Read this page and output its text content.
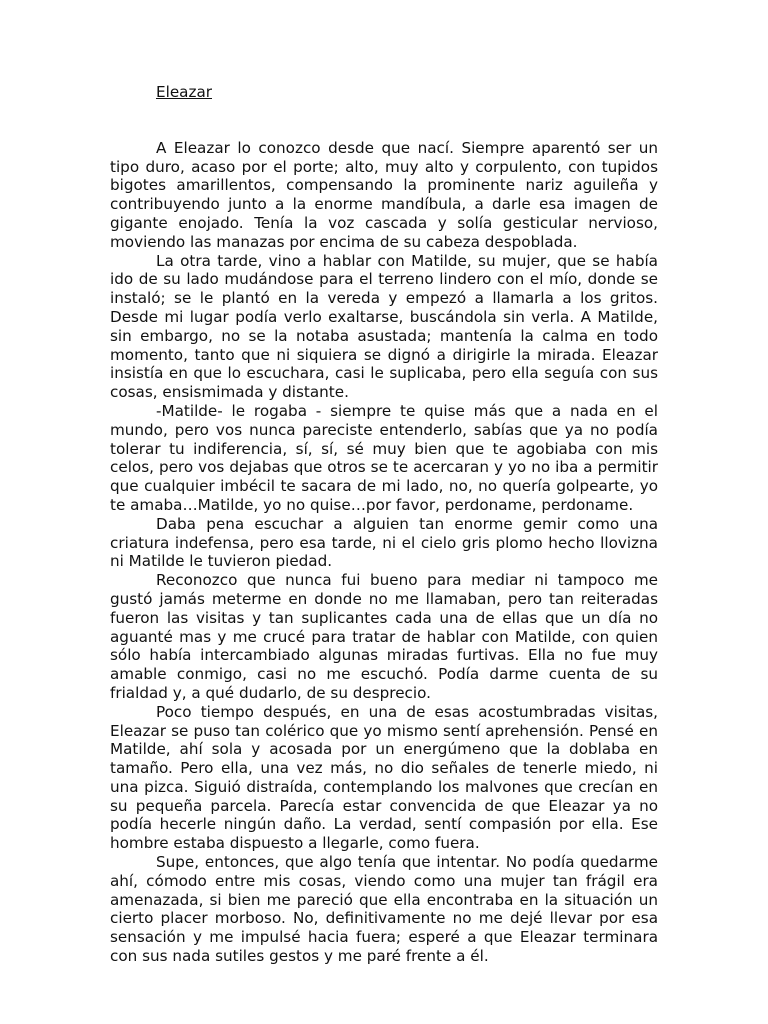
Eleazar

A Eleazar lo conozco desde que nací. Siempre aparentó ser un tipo duro, acaso por el porte; alto, muy alto y corpulento, con tupidos bigotes amarillentos, compensando la prominente nariz aguileña y contribuyendo junto a la enorme mandíbula, a darle esa imagen de gigante enojado. Tenía la voz cascada y solía gesticular nervioso, moviendo las manazas por encima de su cabeza despoblada.

La otra tarde, vino a hablar con Matilde, su mujer, que se había ido de su lado mudándose para el terreno lindero con el mío, donde se instaló; se le plantó en la vereda y empezó a llamarla a los gritos. Desde mi lugar podía verlo exaltarse, buscándola sin verla. A Matilde, sin embargo, no se la notaba asustada; mantenía la calma en todo momento, tanto que ni siquiera se dignó a dirigirle la mirada. Eleazar insistía en que lo escuchara, casi le suplicaba, pero ella seguía con sus cosas, ensismimada y distante.

-Matilde- le rogaba - siempre te quise más que a nada en el mundo, pero vos nunca pareciste entenderlo, sabías que ya no podía tolerar tu indiferencia, sí, sí, sé muy bien que te agobiaba con mis celos, pero vos dejabas que otros se te acercaran y yo no iba a permitir que cualquier imbécil te sacara de mi lado, no, no quería golpearte, yo te amaba…Matilde, yo no quise…por favor, perdoname, perdoname.

Daba pena escuchar a alguien tan enorme gemir como una criatura indefensa, pero esa tarde, ni el cielo gris plomo hecho llovizna ni Matilde le tuvieron piedad.

Reconozco que nunca fui bueno para mediar ni tampoco me gustó jamás meterme en donde no me llamaban, pero tan reiteradas fueron las visitas y tan suplicantes cada una de ellas que un día no aguanté mas y me crucé para tratar de hablar con Matilde, con quien sólo había intercambiado algunas miradas furtivas. Ella no fue muy amable conmigo, casi no me escuchó. Podía darme cuenta de su frialdad y, a qué dudarlo, de su desprecio.

Poco tiempo después, en una de esas acostumbradas visitas, Eleazar se puso tan colérico que yo mismo sentí aprehensión. Pensé en Matilde, ahí sola y acosada por un energúmeno que la doblaba en tamaño. Pero ella, una vez más, no dio señales de tenerle miedo, ni una pizca. Siguió distraída, contemplando los malvones que crecían en su pequeña parcela. Parecía estar convencida de que Eleazar ya no podía hecerle ningún daño. La verdad, sentí compasión por ella. Ese hombre estaba dispuesto a llegarle, como fuera.

Supe, entonces, que algo tenía que intentar. No podía quedarme ahí, cómodo entre mis cosas, viendo como una mujer tan frágil era amenazada, si bien me pareció que ella encontraba en la situación un cierto placer morboso. No, definitivamente no me dejé llevar por esa sensación y me impulsé hacia fuera; esperé a que Eleazar terminara con sus nada sutiles gestos y me paré frente a él.
